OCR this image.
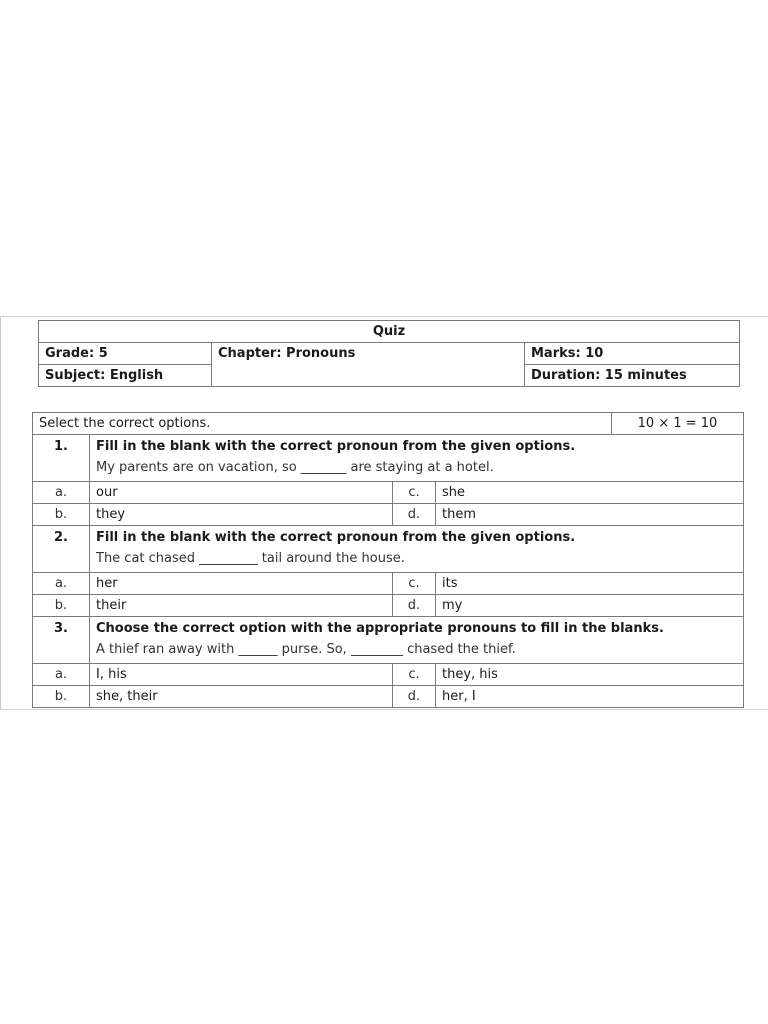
Quiz		
Grade: 5	Chapter: Pronouns	Marks: 10
Subject: English		Duration: 15 minutes
Select the correct options.				10 × 1 = 10
1.	Fill in the blank with the correct pronoun from the given options.
My parents are on vacation, so _______ are staying at a hotel.			

a.	our	c.	she	
b.	they	d.	them	
2.	Fill in the blank with the correct pronoun from the given options.
The cat chased _________ tail around the house.			

a.	her	c.	its	
b.	their	d.	my	
3.	Choose the correct option with the appropriate pronouns to fill in the blanks.
A thief ran away with ______ purse. So, ________ chased the thief.			

a.	I, his	c.	they, his	
b.	she, their	d.	her, I	
